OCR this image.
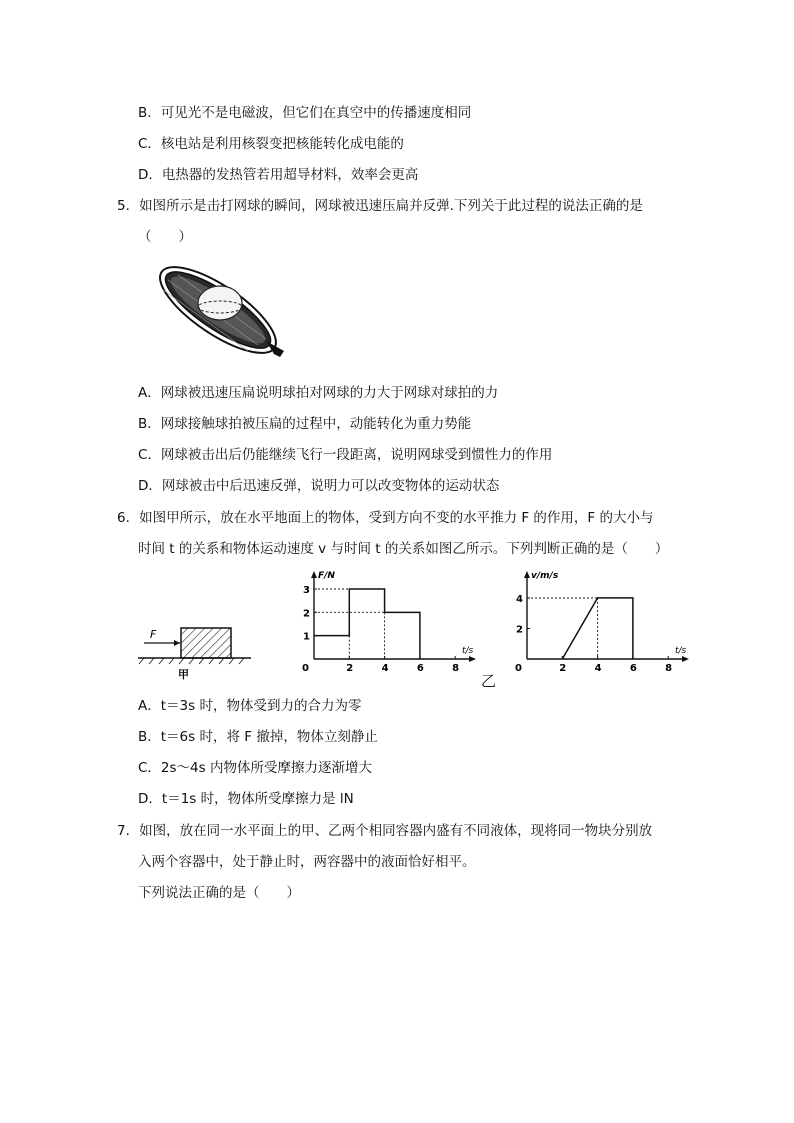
B．可见光不是电磁波，但它们在真空中的传播速度相同
C．核电站是利用核裂变把核能转化成电能的
D．电热器的发热管若用超导材料，效率会更高
5．如图所示是击打网球的瞬间，网球被迅速压扁并反弹.下列关于此过程的说法正确的是
（　　）
A．网球被迅速压扁说明球拍对网球的力大于网球对球拍的力
B．网球接触球拍被压扁的过程中，动能转化为重力势能
C．网球被击出后仍能继续飞行一段距离，说明网球受到惯性力的作用
D．网球被击中后迅速反弹，说明力可以改变物体的运动状态
6．如图甲所示，放在水平地面上的物体，受到方向不变的水平推力 F 的作用，F 的大小与
时间 t 的关系和物体运动速度 v 与时间 t 的关系如图乙所示。下列判断正确的是（　　）
F
甲
F/N
t/s
0	2	4	6	8
1
2
3
乙
v/m/s
t/s
0	2	4	6	8
2
4
A．t＝3s 时，物体受到力的合力为零
B．t＝6s 时，将 F 撤掉，物体立刻静止
C．2s～4s 内物体所受摩擦力逐渐增大
D．t＝1s 时，物体所受摩擦力是 lN
7．如图，放在同一水平面上的甲、乙两个相同容器内盛有不同液体，现将同一物块分别放
入两个容器中，处于静止时，两容器中的液面恰好相平。
下列说法正确的是（　　）
